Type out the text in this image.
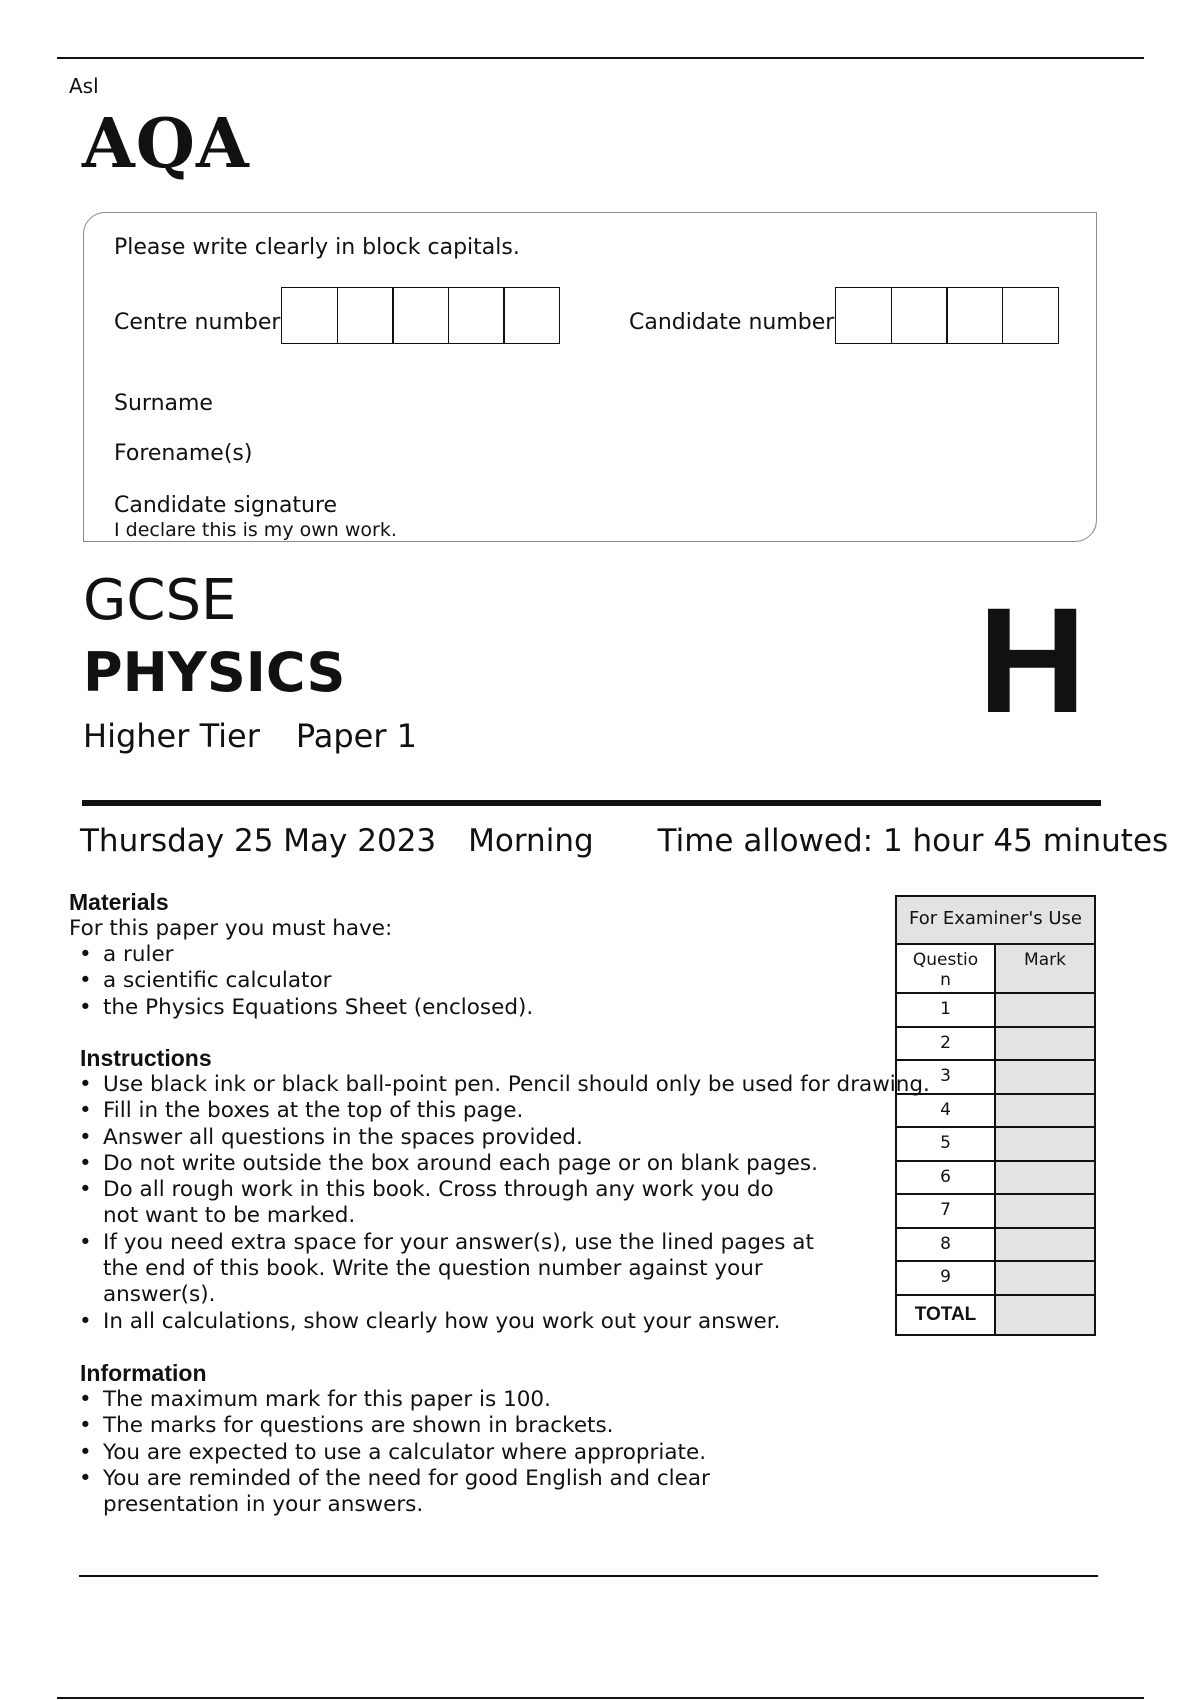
Asl
AQA
Please write clearly in block capitals.
Centre number	Candidate number
Surname
Forename(s)
Candidate signature
I declare this is my own work.
GCSE
PHYSICS
Higher Tier Paper 1	H
Thursday 25 May 2023 Morning Time allowed: 1 hour 45 minutes
Materials
For this paper you must have:
• a ruler
• a scientific calculator
• the Physics Equations Sheet (enclosed).
Instructions
• Use black ink or black ball-point pen. Pencil should only be used for drawing.
• Fill in the boxes at the top of this page.
• Answer all questions in the spaces provided.
• Do not write outside the box around each page or on blank pages.
• Do all rough work in this book. Cross through any work you do
not want to be marked.
• If you need extra space for your answer(s), use the lined pages at
the end of this book. Write the question number against your
answer(s).
• In all calculations, show clearly how you work out your answer.
Information
• The maximum mark for this paper is 100.
• The marks for questions are shown in brackets.
• You are expected to use a calculator where appropriate.
• You are reminded of the need for good English and clear
presentation in your answers.
For Examiner's Use
Question
Mark
1
2
3
4
5
6
7
8
9
TOTAL
